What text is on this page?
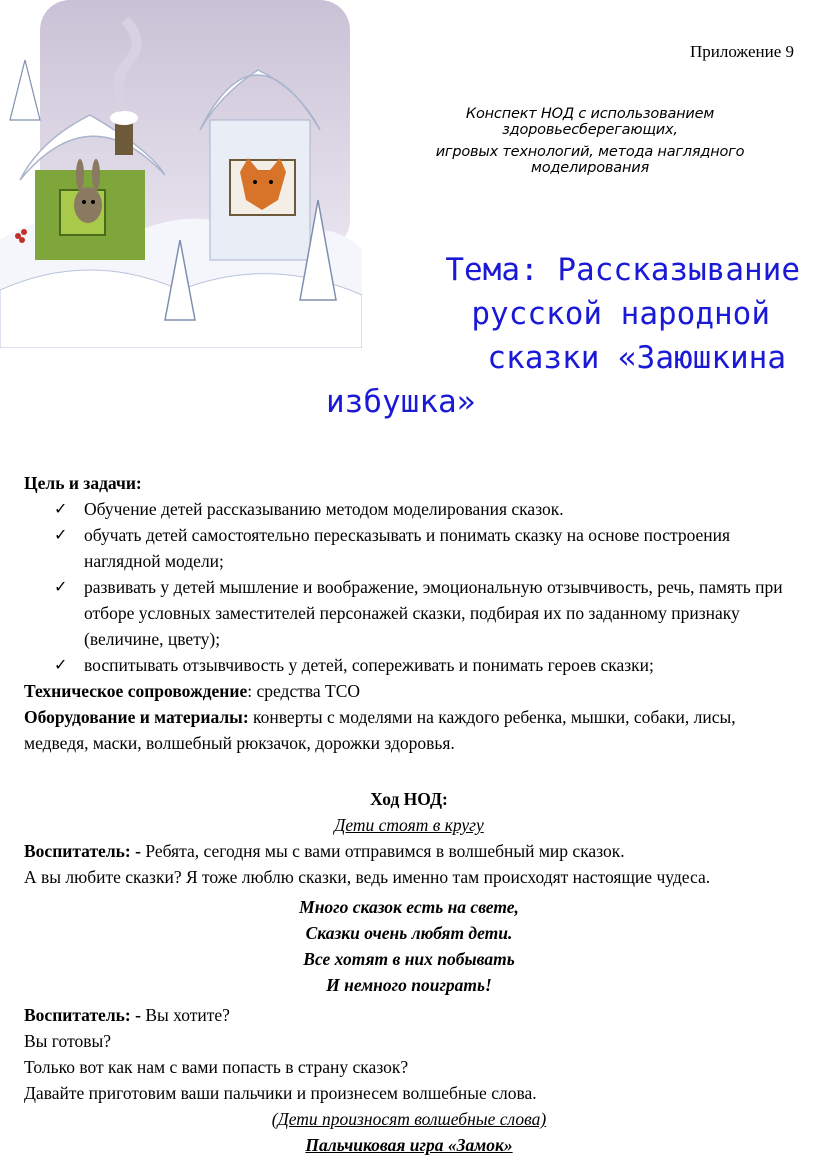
Приложение 9
Конспект НОД с использованием здоровьесберегающих,
игровых технологий, метода наглядного моделирования
Тема: Рассказывание
русской народной
сказки «Заюшкина
избушка»

Цель и задачи:

✓ Обучение детей рассказыванию методом моделирования сказок.
✓ обучать детей самостоятельно пересказывать и понимать сказку на основе построения наглядной модели;
✓ развивать у детей мышление и воображение, эмоциональную отзывчивость, речь, память при отборе условных заместителей персонажей сказки, подбирая их по заданному признаку (величине, цвету);
✓ воспитывать отзывчивость у детей, сопереживать и понимать героев сказки;

Техническое сопровождение: средства ТСО

Оборудование и материалы: конверты с моделями на каждого ребенка, мышки, собаки, лисы, медведя, маски, волшебный рюкзачок, дорожки здоровья.

Ход НОД:

Дети стоят в кругу

Воспитатель: - Ребята, сегодня мы с вами отправимся в волшебный мир сказок.

А вы любите сказки? Я тоже люблю сказки, ведь именно там происходят настоящие чудеса.

Много сказок есть на свете,

Сказки очень любят дети.

Все хотят в них побывать

И немного поиграть!

Воспитатель: - Вы хотите?

Вы готовы?

Только вот как нам с вами попасть в страну сказок?

Давайте приготовим ваши пальчики и произнесем волшебные слова.

(Дети произносят волшебные слова)

Пальчиковая игра «Замок»
